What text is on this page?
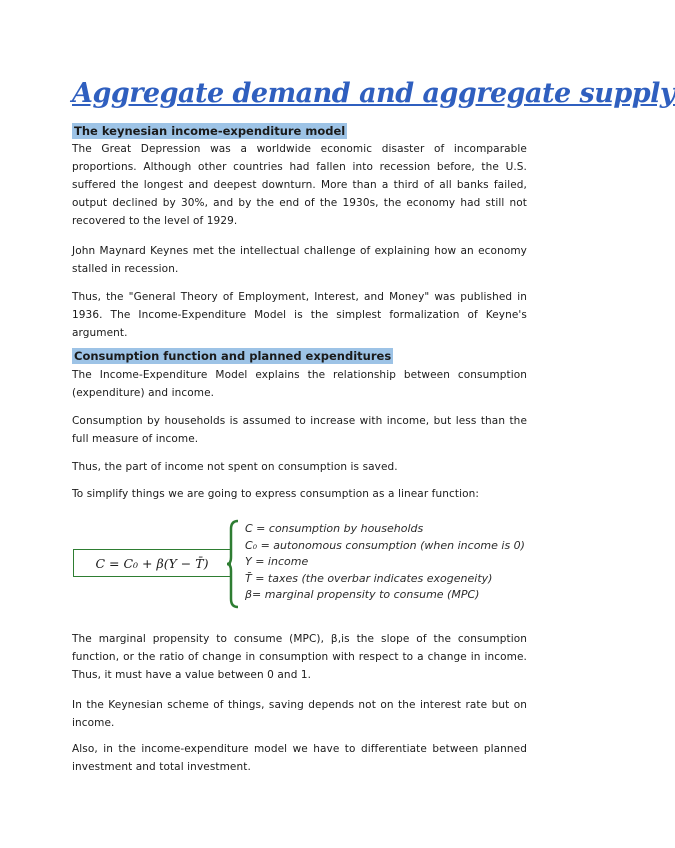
Aggregate demand and aggregate supply
The keynesian income-expenditure model

The Great Depression was a worldwide economic disaster of incomparable proportions. Although other countries had fallen into recession before, the U.S. suffered the longest and deepest downturn. More than a third of all banks failed, output declined by 30%, and by the end of the 1930s, the economy had still not recovered to the level of 1929.

John Maynard Keynes met the intellectual challenge of explaining how an economy stalled in recession.

Thus, the "General Theory of Employment, Interest, and Money" was published in 1936. The Income-Expenditure Model is the simplest formalization of Keyne's argument.

Consumption function and planned expenditures

The Income-Expenditure Model explains the relationship between consumption (expenditure) and income.

Consumption by households is assumed to increase with income, but less than the full measure of income.

Thus, the part of income not spent on consumption is saved.

To simplify things we are going to express consumption as a linear function:

C = C₀ + β(Y − T̄)
C = consumption by households
C₀ = autonomous consumption (when income is 0)
Y = income
T̄ = taxes (the overbar indicates exogeneity)
β= marginal propensity to consume (MPC)

The marginal propensity to consume (MPC), β,is the slope of the consumption function, or the ratio of change in consumption with respect to a change in income. Thus, it must have a value between 0 and 1.

In the Keynesian scheme of things, saving depends not on the interest rate but on income.

Also, in the income-expenditure model we have to differentiate between planned investment and total investment.
